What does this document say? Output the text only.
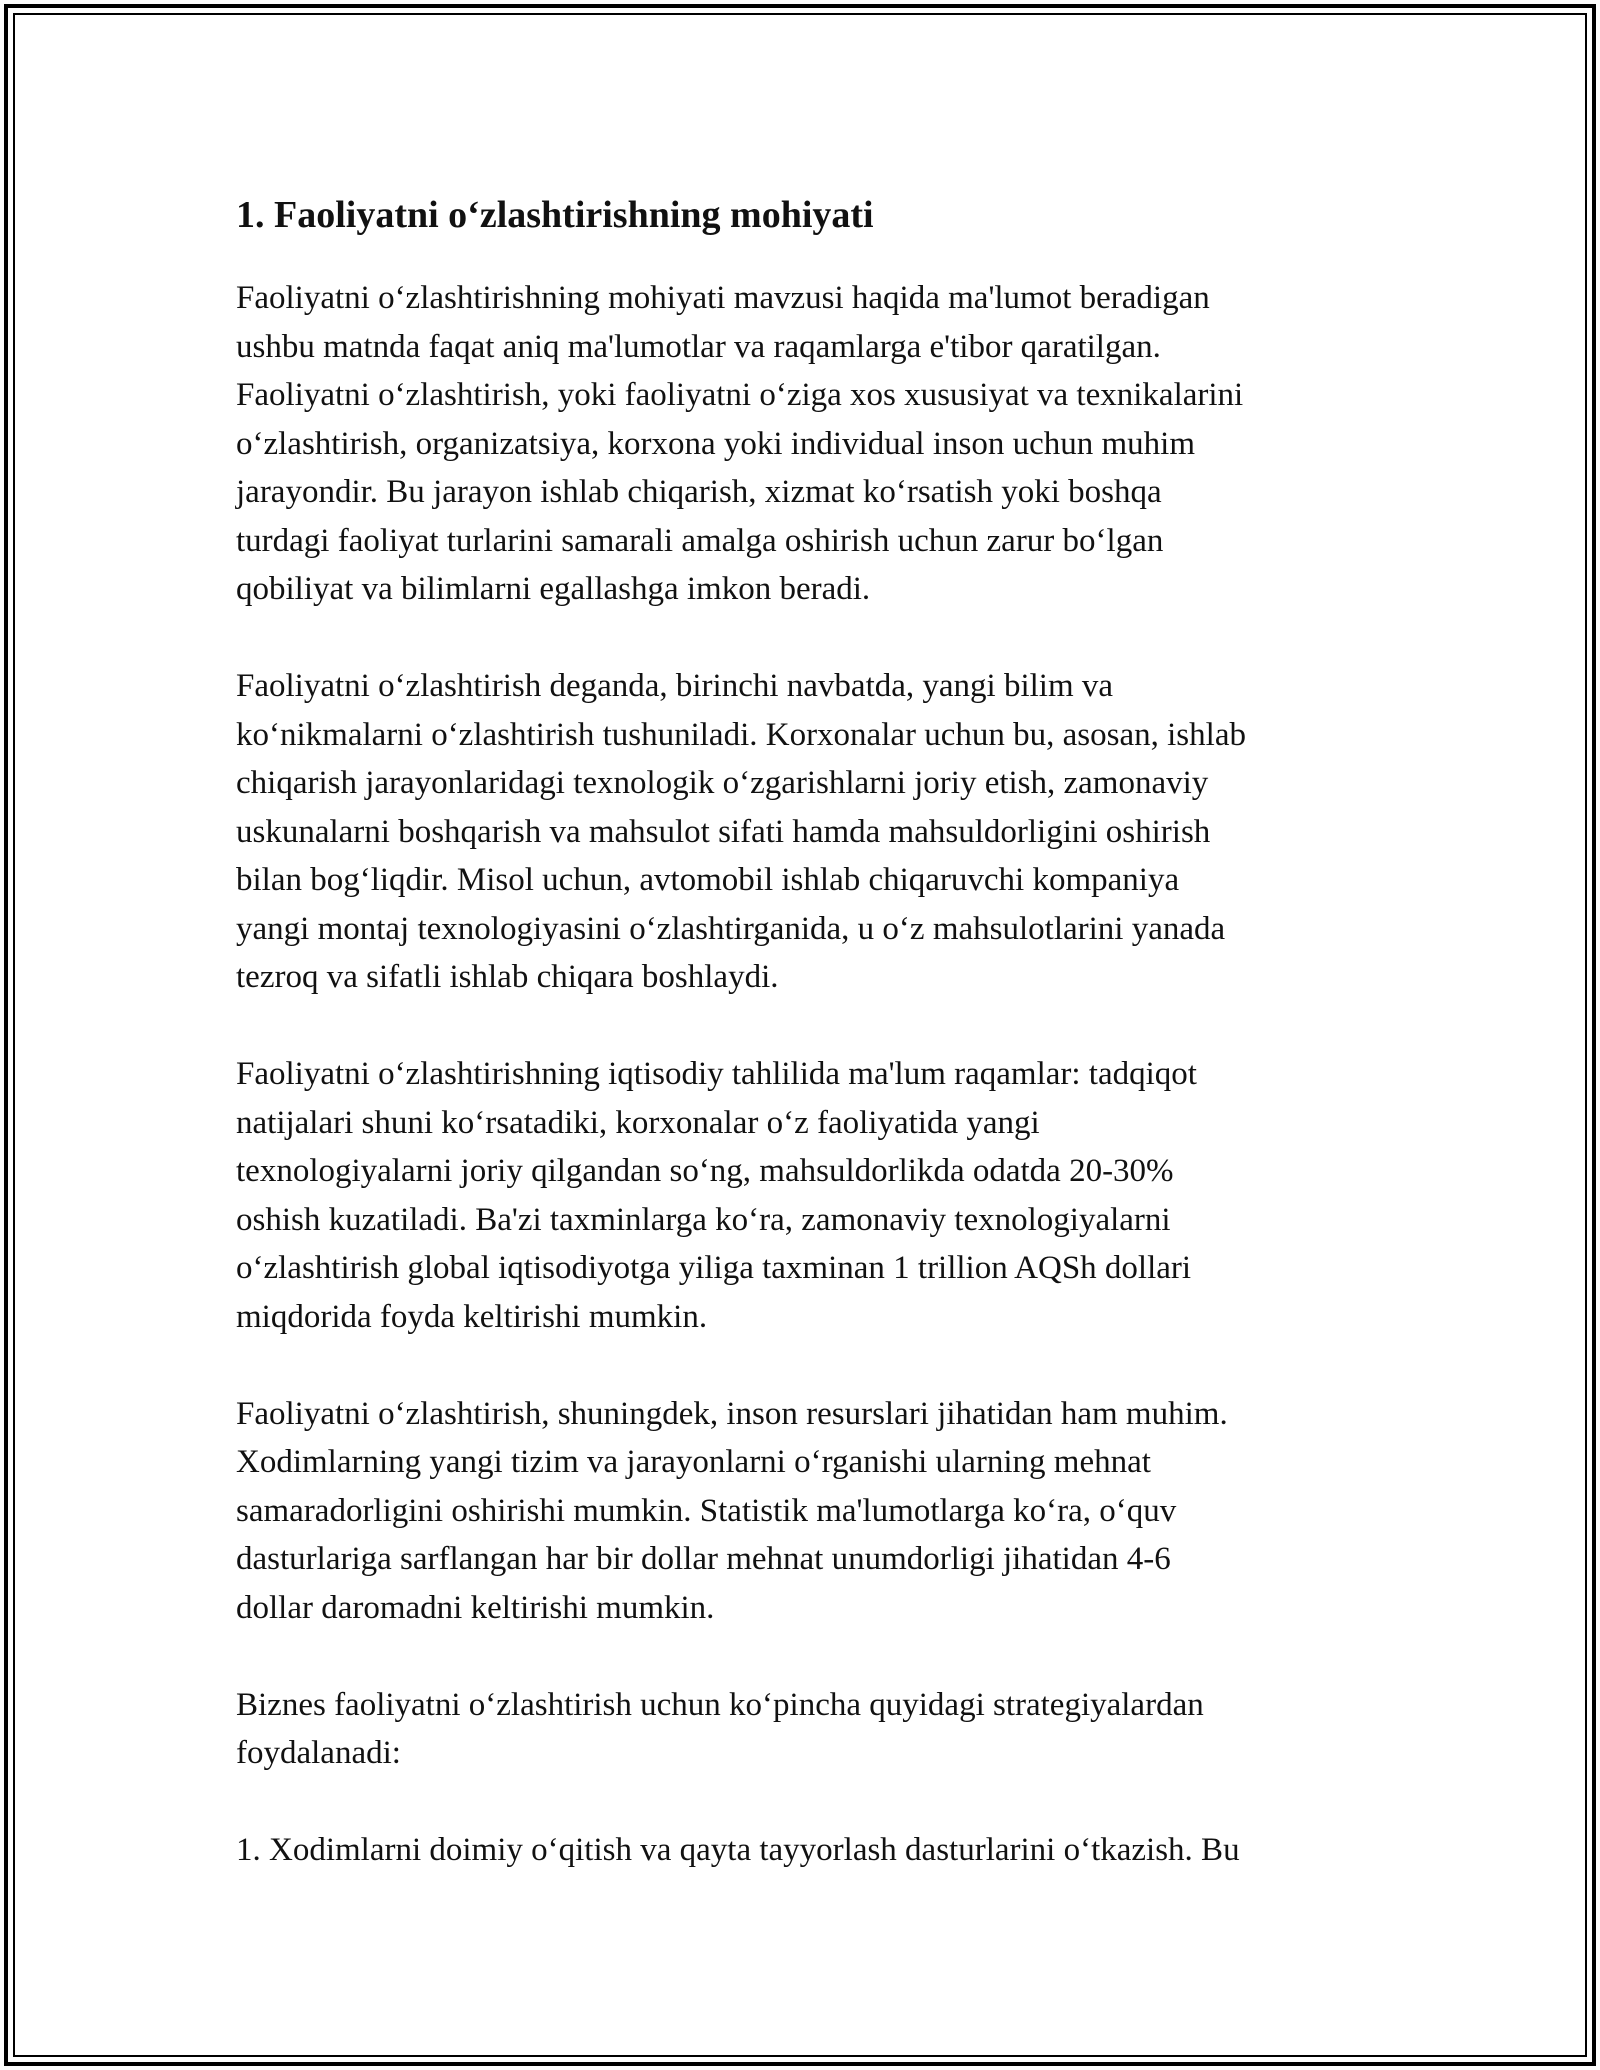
1. Faoliyatni o‘zlashtirishning mohiyati

Faoliyatni o‘zlashtirishning mohiyati mavzusi haqida ma'lumot beradigan
ushbu matnda faqat aniq ma'lumotlar va raqamlarga e'tibor qaratilgan.
Faoliyatni o‘zlashtirish, yoki faoliyatni o‘ziga xos xususiyat va texnikalarini
o‘zlashtirish, organizatsiya, korxona yoki individual inson uchun muhim
jarayondir. Bu jarayon ishlab chiqarish, xizmat ko‘rsatish yoki boshqa
turdagi faoliyat turlarini samarali amalga oshirish uchun zarur bo‘lgan
qobiliyat va bilimlarni egallashga imkon beradi.

Faoliyatni o‘zlashtirish deganda, birinchi navbatda, yangi bilim va
ko‘nikmalarni o‘zlashtirish tushuniladi. Korxonalar uchun bu, asosan, ishlab
chiqarish jarayonlaridagi texnologik o‘zgarishlarni joriy etish, zamonaviy
uskunalarni boshqarish va mahsulot sifati hamda mahsuldorligini oshirish
bilan bog‘liqdir. Misol uchun, avtomobil ishlab chiqaruvchi kompaniya
yangi montaj texnologiyasini o‘zlashtirganida, u o‘z mahsulotlarini yanada
tezroq va sifatli ishlab chiqara boshlaydi.

Faoliyatni o‘zlashtirishning iqtisodiy tahlilida ma'lum raqamlar: tadqiqot
natijalari shuni ko‘rsatadiki, korxonalar o‘z faoliyatida yangi
texnologiyalarni joriy qilgandan so‘ng, mahsuldorlikda odatda 20-30%
oshish kuzatiladi. Ba'zi taxminlarga ko‘ra, zamonaviy texnologiyalarni
o‘zlashtirish global iqtisodiyotga yiliga taxminan 1 trillion AQSh dollari
miqdorida foyda keltirishi mumkin.

Faoliyatni o‘zlashtirish, shuningdek, inson resurslari jihatidan ham muhim.
Xodimlarning yangi tizim va jarayonlarni o‘rganishi ularning mehnat
samaradorligini oshirishi mumkin. Statistik ma'lumotlarga ko‘ra, o‘quv
dasturlariga sarflangan har bir dollar mehnat unumdorligi jihatidan 4-6
dollar daromadni keltirishi mumkin.

Biznes faoliyatni o‘zlashtirish uchun ko‘pincha quyidagi strategiyalardan
foydalanadi:

1. Xodimlarni doimiy o‘qitish va qayta tayyorlash dasturlarini o‘tkazish. Bu
